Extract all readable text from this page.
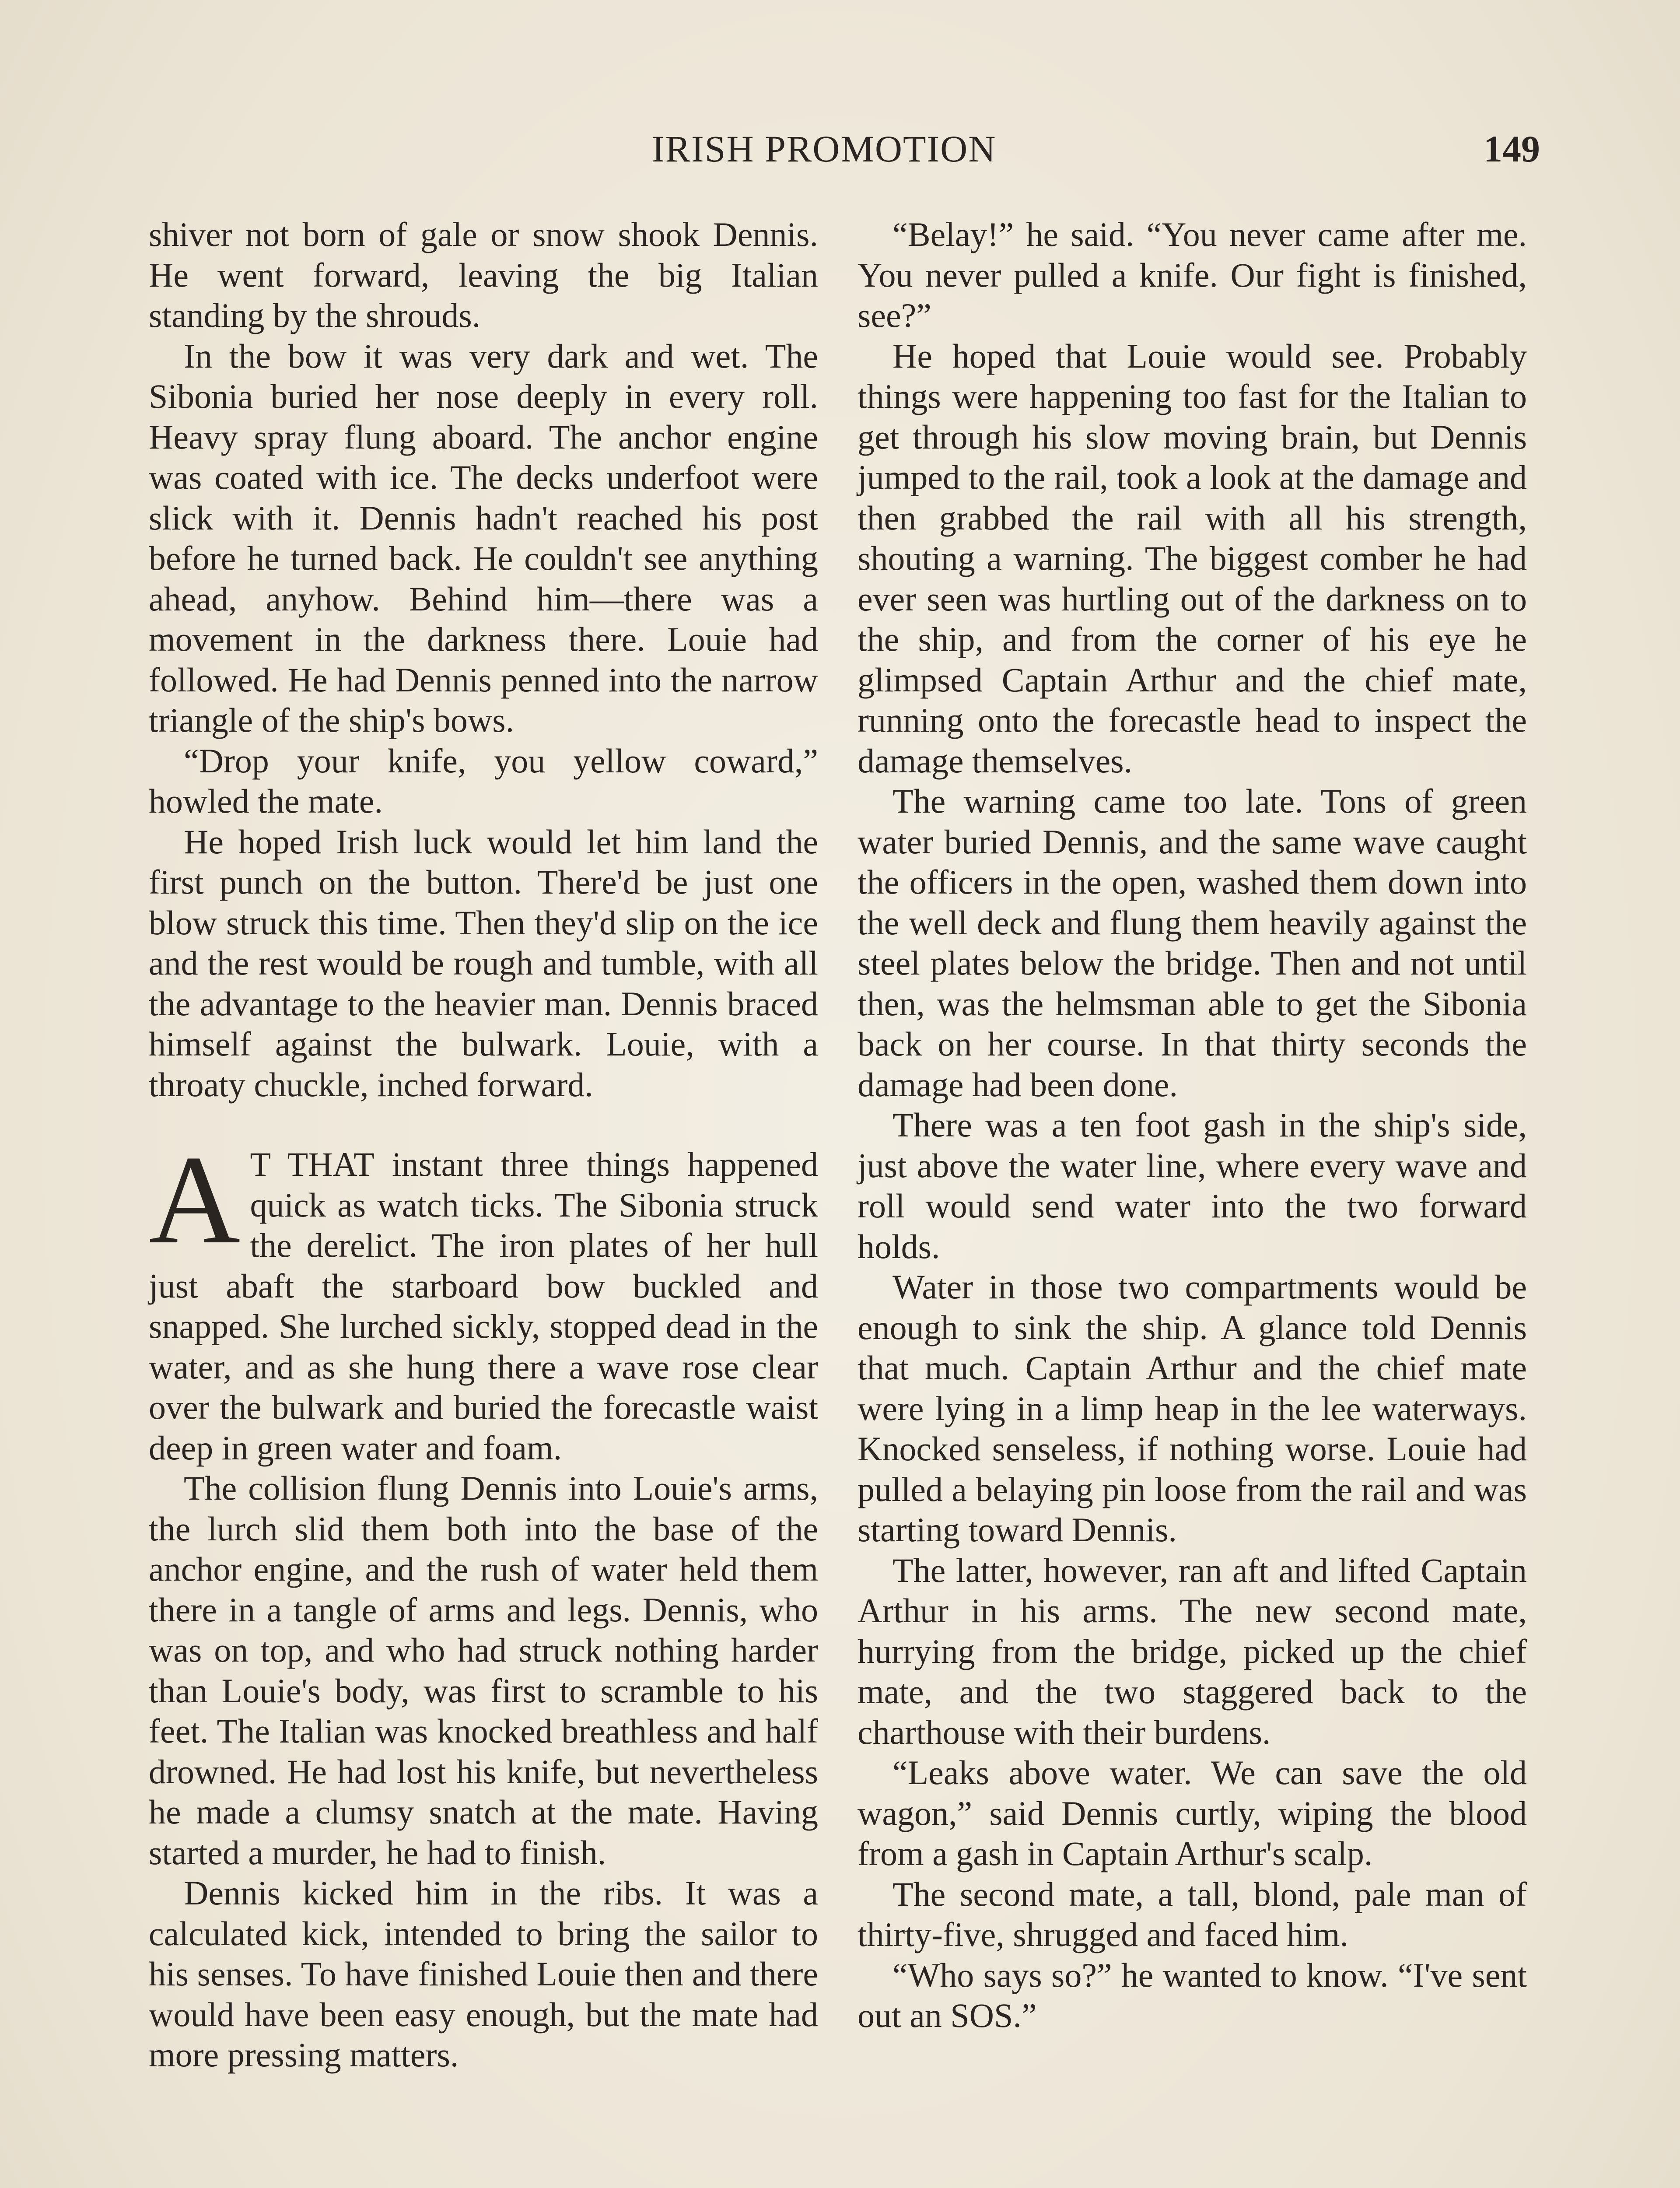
IRISH PROMOTION	149

shiver not born of gale or snow shook Dennis. He went forward, leaving the big Italian standing by the shrouds.

In the bow it was very dark and wet. The Sibonia buried her nose deeply in every roll. Heavy spray flung aboard. The anchor engine was coated with ice. The decks underfoot were slick with it. Dennis hadn't reached his post before he turned back. He couldn't see anything ahead, anyhow. Behind him—there was a movement in the darkness there. Louie had followed. He had Dennis penned into the narrow triangle of the ship's bows.

“Drop your knife, you yellow coward,” howled the mate.

He hoped Irish luck would let him land the first punch on the button. There'd be just one blow struck this time. Then they'd slip on the ice and the rest would be rough and tumble, with all the advantage to the heavier man. Dennis braced himself against the bulwark. Louie, with a throaty chuckle, inched forward.

A T THAT instant three things happened quick as watch ticks. The Sibonia struck the derelict. The iron plates of her hull just abaft the starboard bow buckled and snapped. She lurched sickly, stopped dead in the water, and as she hung there a wave rose clear over the bulwark and buried the forecastle waist deep in green water and foam.

The collision flung Dennis into Louie's arms, the lurch slid them both into the base of the anchor engine, and the rush of water held them there in a tangle of arms and legs. Dennis, who was on top, and who had struck nothing harder than Louie's body, was first to scramble to his feet. The Italian was knocked breathless and half drowned. He had lost his knife, but nevertheless he made a clumsy snatch at the mate. Having started a murder, he had to finish.

Dennis kicked him in the ribs. It was a calculated kick, intended to bring the sailor to his senses. To have finished Louie then and there would have been easy enough, but the mate had more pressing matters.

“Belay!” he said. “You never came after me. You never pulled a knife. Our fight is finished, see?”

He hoped that Louie would see. Probably things were happening too fast for the Italian to get through his slow moving brain, but Dennis jumped to the rail, took a look at the damage and then grabbed the rail with all his strength, shouting a warning. The biggest comber he had ever seen was hurtling out of the darkness on to the ship, and from the corner of his eye he glimpsed Captain Arthur and the chief mate, running onto the forecastle head to inspect the damage themselves.

The warning came too late. Tons of green water buried Dennis, and the same wave caught the officers in the open, washed them down into the well deck and flung them heavily against the steel plates below the bridge. Then and not until then, was the helmsman able to get the Sibonia back on her course. In that thirty seconds the damage had been done.

There was a ten foot gash in the ship's side, just above the water line, where every wave and roll would send water into the two forward holds.

Water in those two compartments would be enough to sink the ship. A glance told Dennis that much. Captain Arthur and the chief mate were lying in a limp heap in the lee waterways. Knocked senseless, if nothing worse. Louie had pulled a belaying pin loose from the rail and was starting toward Dennis.

The latter, however, ran aft and lifted Captain Arthur in his arms. The new second mate, hurrying from the bridge, picked up the chief mate, and the two staggered back to the charthouse with their burdens.

“Leaks above water. We can save the old wagon,” said Dennis curtly, wiping the blood from a gash in Captain Arthur's scalp.

The second mate, a tall, blond, pale man of thirty-five, shrugged and faced him.

“Who says so?” he wanted to know. “I've sent out an SOS.”
